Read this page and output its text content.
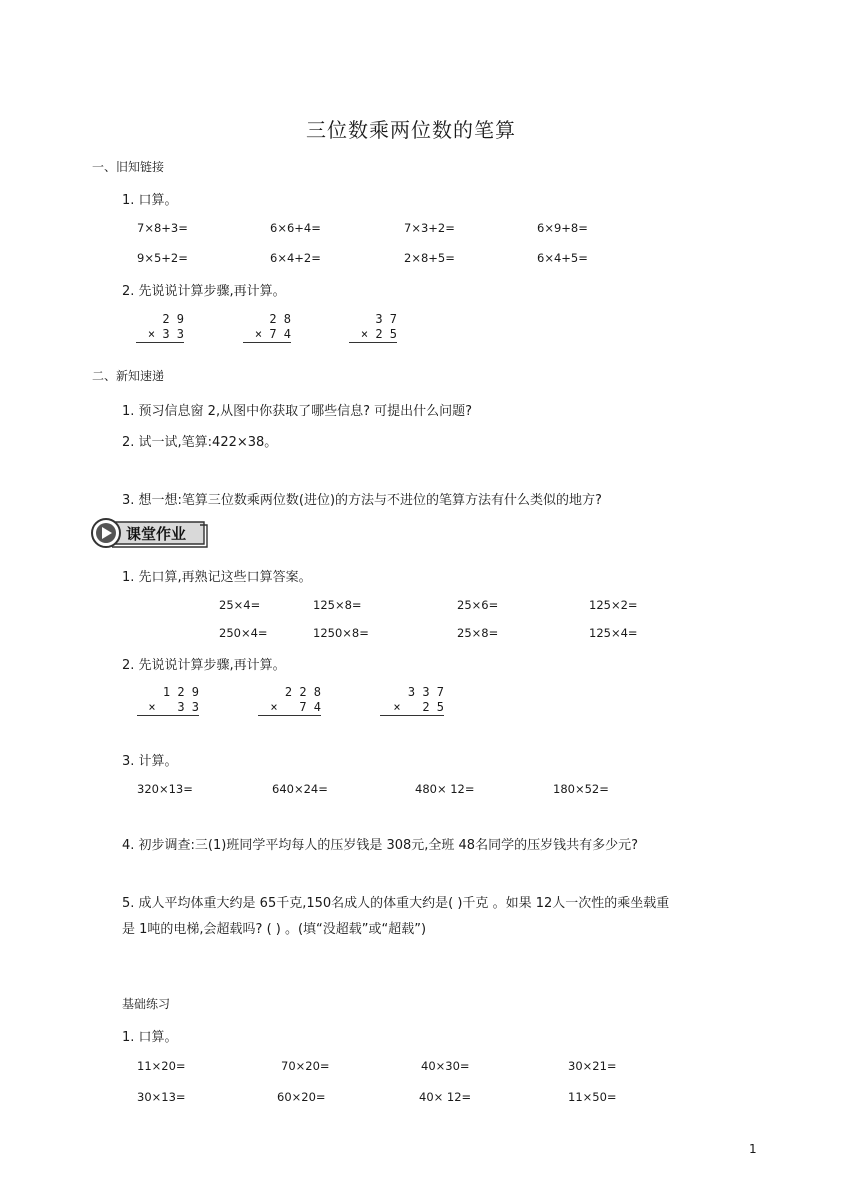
三位数乘两位数的笔算
一、旧知链接
1. 口算。
7×8+3=	6×6+4=	7×3+2=	6×9+8=
9×5+2=	6×4+2=	2×8+5=	6×4+5=
2. 先说说计算步骤,再计算。
2 9
× 3 3
2 8
× 7 4
3 7
× 2 5
二、新知速递
1. 预习信息窗 2,从图中你获取了哪些信息? 可提出什么问题?
2. 试一试,笔算:422×38。
3. 想一想:笔算三位数乘两位数(进位)的方法与不进位的笔算方法有什么类似的地方?
课堂作业
1. 先口算,再熟记这些口算答案。
25×4=	125×8=	25×6=	125×2=
250×4=	1250×8=	25×8=	125×4=
2. 先说说计算步骤,再计算。
1 2 9
×   3 3
2 2 8
×   7 4
3 3 7
×   2 5
3. 计算。
320×13=	640×24=	480× 12=	180×52=
4. 初步调查:三(1)班同学平均每人的压岁钱是 308元,全班 48名同学的压岁钱共有多少元?
5. 成人平均体重大约是 65千克,150名成人的体重大约是( )千克 。如果 12人一次性的乘坐载重
是 1吨的电梯,会超载吗? ( ) 。(填“没超载”或“超载”)
基础练习
1. 口算。
11×20=	70×20=	40×30=	30×21=
30×13=	60×20=	40× 12=	11×50=
1
